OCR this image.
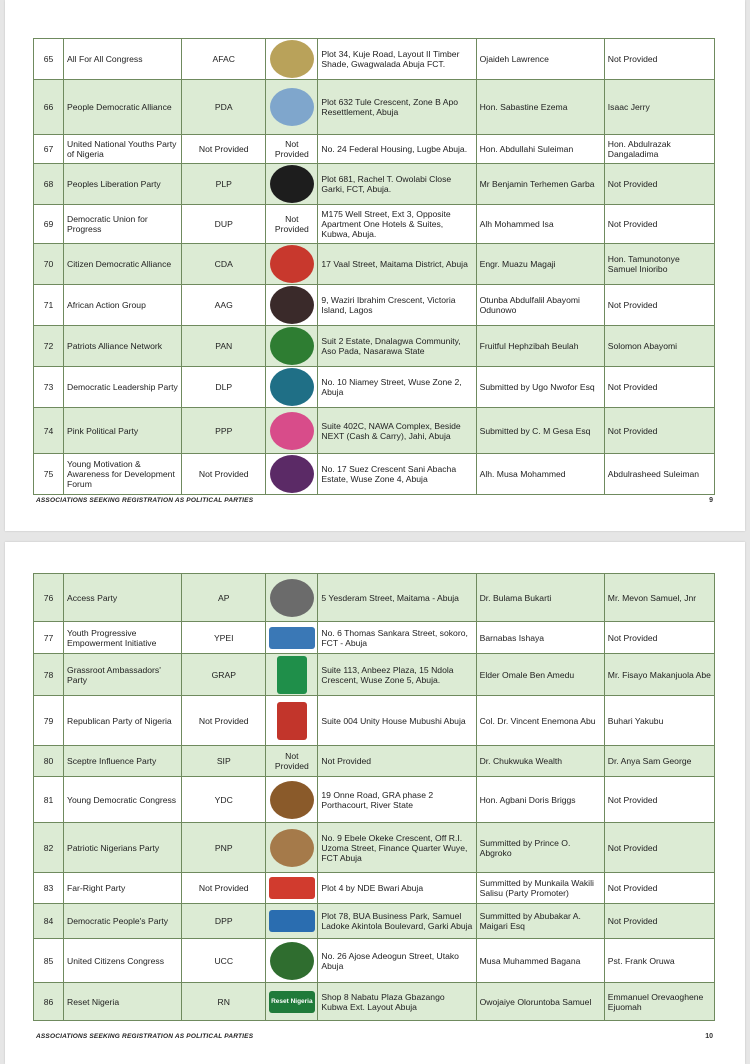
65	All For All Congress	AFAC		Plot 34, Kuje Road, Layout II Timber Shade, Gwagwalada Abuja FCT.	Ojaideh Lawrence	Not Provided
66	People Democratic Alliance	PDA		Plot 632 Tule Crescent, Zone B Apo Resettlement, Abuja	Hon. Sabastine Ezema	Isaac Jerry
67	United National Youths Party of Nigeria	Not Provided	Not Provided	No. 24 Federal Housing, Lugbe Abuja.	Hon. Abdullahi Suleiman	Hon. Abdulrazak Dangaladima
68	Peoples Liberation Party	PLP		Plot 681, Rachel T. Owolabi Close Garki, FCT, Abuja.	Mr Benjamin Terhemen Garba	Not Provided
69	Democratic Union for Progress	DUP	Not Provided	M175 Well Street, Ext 3, Opposite Apartment One Hotels & Suites, Kubwa, Abuja.	Alh Mohammed Isa	Not Provided
70	Citizen Democratic Alliance	CDA		17 Vaal Street, Maitama District, Abuja	Engr. Muazu Magaji	Hon. Tamunotonye Samuel Inioribo
71	African Action Group	AAG		9, Waziri Ibrahim Crescent, Victoria Island, Lagos	Otunba Abdulfalil Abayomi Odunowo	Not Provided
72	Patriots Alliance Network	PAN		Suit 2 Estate, Dnalagwa Community, Aso Pada, Nasarawa State	Fruitful Hephzibah Beulah	Solomon Abayomi
73	Democratic Leadership Party	DLP		No. 10 Niamey Street, Wuse Zone 2, Abuja	Submitted by Ugo Nwofor Esq	Not Provided
74	Pink Political Party	PPP		Suite 402C, NAWA Complex, Beside NEXT (Cash & Carry), Jahi, Abuja	Submitted by C. M Gesa Esq	Not Provided
75	Young Motivation & Awareness for Development Forum	Not Provided		No. 17 Suez Crescent Sani Abacha Estate, Wuse Zone 4, Abuja	Alh. Musa Mohammed	Abdulrasheed Suleiman
ASSOCIATIONS SEEKING REGISTRATION AS POLITICAL PARTIES	9
76	Access Party	AP		5 Yesderam Street, Maitama - Abuja	Dr. Bulama Bukarti	Mr. Mevon Samuel, Jnr
77	Youth Progressive Empowerment Initiative	YPEI		No. 6 Thomas Sankara Street, sokoro, FCT - Abuja	Barnabas Ishaya	Not Provided
78	Grassroot Ambassadors' Party	GRAP		Suite 113, Anbeez Plaza, 15 Ndola Crescent, Wuse Zone 5, Abuja.	Elder Omale Ben Amedu	Mr. Fisayo Makanjuola Abe
79	Republican Party of Nigeria	Not Provided		Suite 004 Unity House Mubushi Abuja	Col. Dr. Vincent Enemona Abu	Buhari Yakubu
80	Sceptre Influence Party	SIP	Not Provided	Not Provided	Dr. Chukwuka Wealth	Dr. Anya Sam George
81	Young Democratic Congress	YDC		19 Onne Road, GRA phase 2 Porthacourt, River State	Hon. Agbani Doris Briggs	Not Provided
82	Patriotic Nigerians Party	PNP		No. 9 Ebele Okeke Crescent, Off R.I. Uzoma Street, Finance Quarter Wuye, FCT Abuja	Summitted by Prince O. Abgroko	Not Provided
83	Far-Right Party	Not Provided		Plot 4 by NDE Bwari Abuja	Summitted by Munkaila Wakili Salisu (Party Promoter)	Not Provided
84	Democratic People's Party	DPP		Plot 78, BUA Business Park, Samuel Ladoke Akintola Boulevard, Garki Abuja	Summitted by Abubakar A. Maigari Esq	Not Provided
85	United Citizens Congress	UCC		No. 26 Ajose Adeogun Street, Utako Abuja	Musa Muhammed Bagana	Pst. Frank Oruwa
86	Reset Nigeria	RN	Reset Nigeria	Shop 8 Nabatu Plaza Gbazango Kubwa Ext. Layout Abuja	Owojaiye Oloruntoba Samuel	Emmanuel Orevaoghene Ejuomah
ASSOCIATIONS SEEKING REGISTRATION AS POLITICAL PARTIES	10
